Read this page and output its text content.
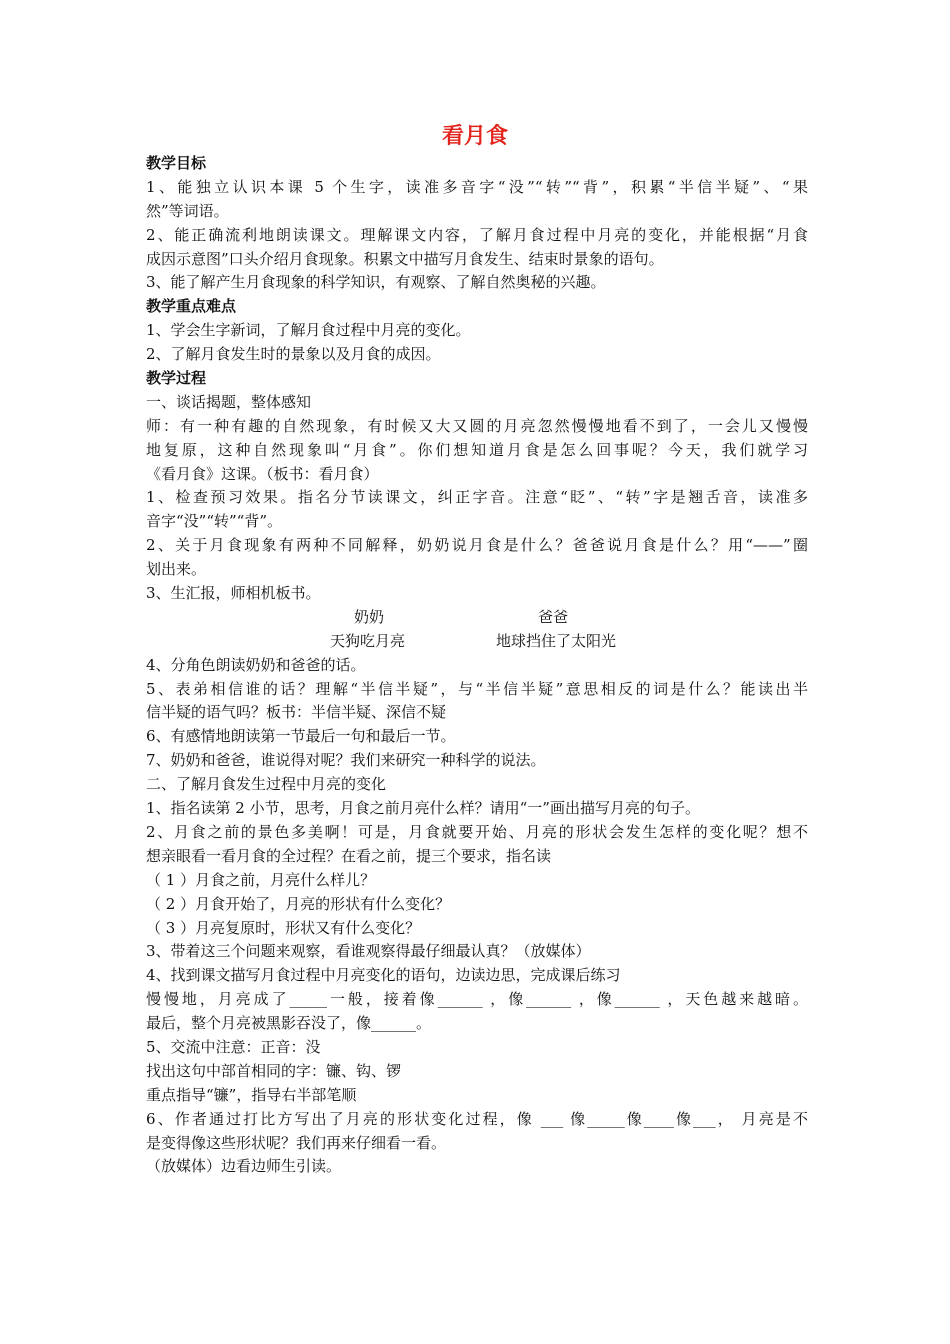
看月食
教学目标
1、能独立认识本课 5 个生字，读准多音字“没”“转”“背”，积累“半信半疑”、“果
然”等词语。
2、能正确流利地朗读课文。理解课文内容，了解月食过程中月亮的变化，并能根据“月食
成因示意图”口头介绍月食现象。积累文中描写月食发生、结束时景象的语句。
3、能了解产生月食现象的科学知识，有观察、了解自然奥秘的兴趣。
教学重点难点
1、学会生字新词，了解月食过程中月亮的变化。
2、了解月食发生时的景象以及月食的成因。
教学过程
一、谈话揭题，整体感知
师：有一种有趣的自然现象，有时候又大又圆的月亮忽然慢慢地看不到了，一会儿又慢慢
地复原，这种自然现象叫“月食”。你们想知道月食是怎么回事呢？今天，我们就学习
《看月食》这课。（板书：看月食）
1、检查预习效果。指名分节读课文，纠正字音。注意“眨”、“转”字是翘舌音，读准多
音字“没”“转”“背”。
2、关于月食现象有两种不同解释，奶奶说月食是什么？爸爸说月食是什么？用“——”圈
划出来。
3、生汇报，师相机板书。
奶奶	爸爸
天狗吃月亮	地球挡住了太阳光
4、分角色朗读奶奶和爸爸的话。
5、表弟相信谁的话？理解“半信半疑”，与“半信半疑”意思相反的词是什么？能读出半
信半疑的语气吗？板书：半信半疑、深信不疑
6、有感情地朗读第一节最后一句和最后一节。
7、奶奶和爸爸，谁说得对呢？我们来研究一种科学的说法。
二、了解月食发生过程中月亮的变化
1、指名读第 2 小节，思考，月食之前月亮什么样？请用“一”画出描写月亮的句子。
2、月食之前的景色多美啊！可是，月食就要开始、月亮的形状会发生怎样的变化呢？想不
想亲眼看一看月食的全过程？在看之前，提三个要求，指名读
（ 1 ）月食之前，月亮什么样儿？
（ 2 ）月食开始了，月亮的形状有什么变化？
（ 3 ）月亮复原时，形状又有什么变化？
3、带着这三个问题来观察，看谁观察得最仔细最认真？（放媒体）
4、找到课文描写月食过程中月亮变化的语句，边读边思，完成课后练习
慢慢地，月亮成了_____一般，接着像______ ，像______ ，像______ ，天色越来越暗。
最后，整个月亮被黑影吞没了，像______。
5、交流中注意：正音：没
找出这句中部首相同的字：镰、钩、锣
重点指导“镰”，指导右半部笔顺
6、作者通过打比方写出了月亮的形状变化过程，像 ___ 像_____像____像___， 月亮是不
是变得像这些形状呢？我们再来仔细看一看。
（放媒体）边看边师生引读。
